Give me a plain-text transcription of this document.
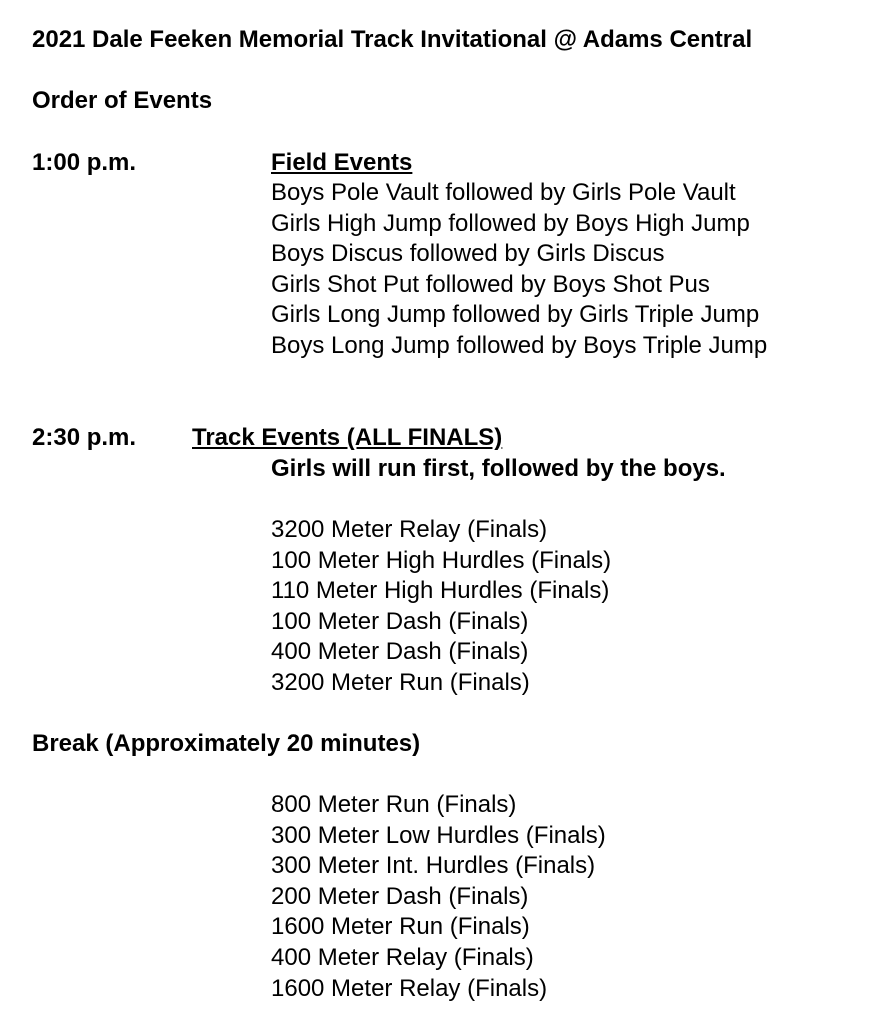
2021 Dale Feeken Memorial Track Invitational @ Adams Central
Order of Events
1:00 p.m.	Field Events
Boys Pole Vault followed by Girls Pole Vault
Girls High Jump followed by Boys High Jump
Boys Discus followed by Girls Discus
Girls Shot Put followed by Boys Shot Pus
Girls Long Jump followed by Girls Triple Jump
Boys Long Jump followed by Boys Triple Jump
2:30 p.m. Track Events (ALL FINALS)
Girls will run first, followed by the boys.
3200 Meter Relay (Finals)
100 Meter High Hurdles (Finals)
110 Meter High Hurdles (Finals)
100 Meter Dash (Finals)
400 Meter Dash (Finals)
3200 Meter Run (Finals)
Break (Approximately 20 minutes)
800 Meter Run (Finals)
300 Meter Low Hurdles (Finals)
300 Meter Int. Hurdles (Finals)
200 Meter Dash (Finals)
1600 Meter Run (Finals)
400 Meter Relay (Finals)
1600 Meter Relay (Finals)
